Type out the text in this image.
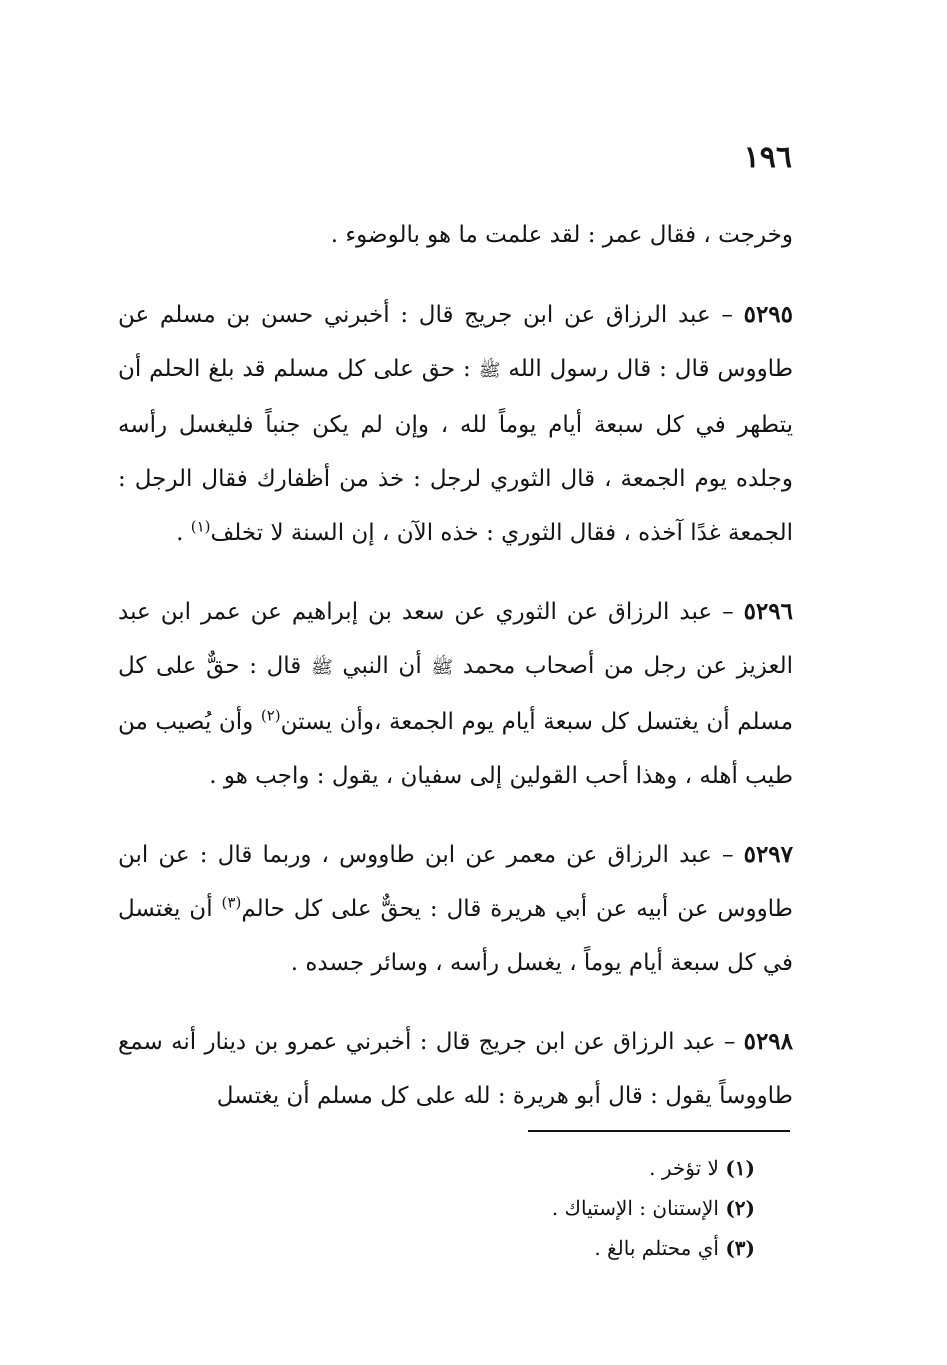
١٩٦

وخرجت ، فقال عمر : لقد علمت ما هو بالوضوء .

٥٢٩٥ – عبد الرزاق عن ابن جريج قال : أخبرني حسن بن مسلم عن طاووس قال : قال رسول الله ﷺ : حق على كل مسلم قد بلغ الحلم أن يتطهر في كل سبعة أيام يوماً لله ، وإن لم يكن جنباً فليغسل رأسه وجلده يوم الجمعة ، قال الثوري لرجل : خذ من أظفارك فقال الرجل : الجمعة غدًا آخذه ، فقال الثوري : خذه الآن ، إن السنة لا تخلف$^{(١)}$ .

٥٢٩٦ – عبد الرزاق عن الثوري عن سعد بن إبراهيم عن عمر ابن عبد العزيز عن رجل من أصحاب محمد ﷺ أن النبي ﷺ قال : حقٌّ على كل مسلم أن يغتسل كل سبعة أيام يوم الجمعة ،وأن يستن$^{(٢)}$ وأن يُصيب من طيب أهله ، وهذا أحب القولين إلى سفيان ، يقول : واجب هو .

٥٢٩٧ – عبد الرزاق عن معمر عن ابن طاووس ، وربما قال : عن ابن طاووس عن أبيه عن أبي هريرة قال : يحقٌّ على كل حالم$^{(٣)}$ أن يغتسل في كل سبعة أيام يوماً ، يغسل رأسه ، وسائر جسده .

٥٢٩٨ – عبد الرزاق عن ابن جريج قال : أخبرني عمرو بن دينار أنه سمع طاووساً يقول : قال أبو هريرة : لله على كل مسلم أن يغتسل

(١) لا تؤخر .

(٢) الإستنان : الإستياك .

(٣) أي محتلم بالغ .
